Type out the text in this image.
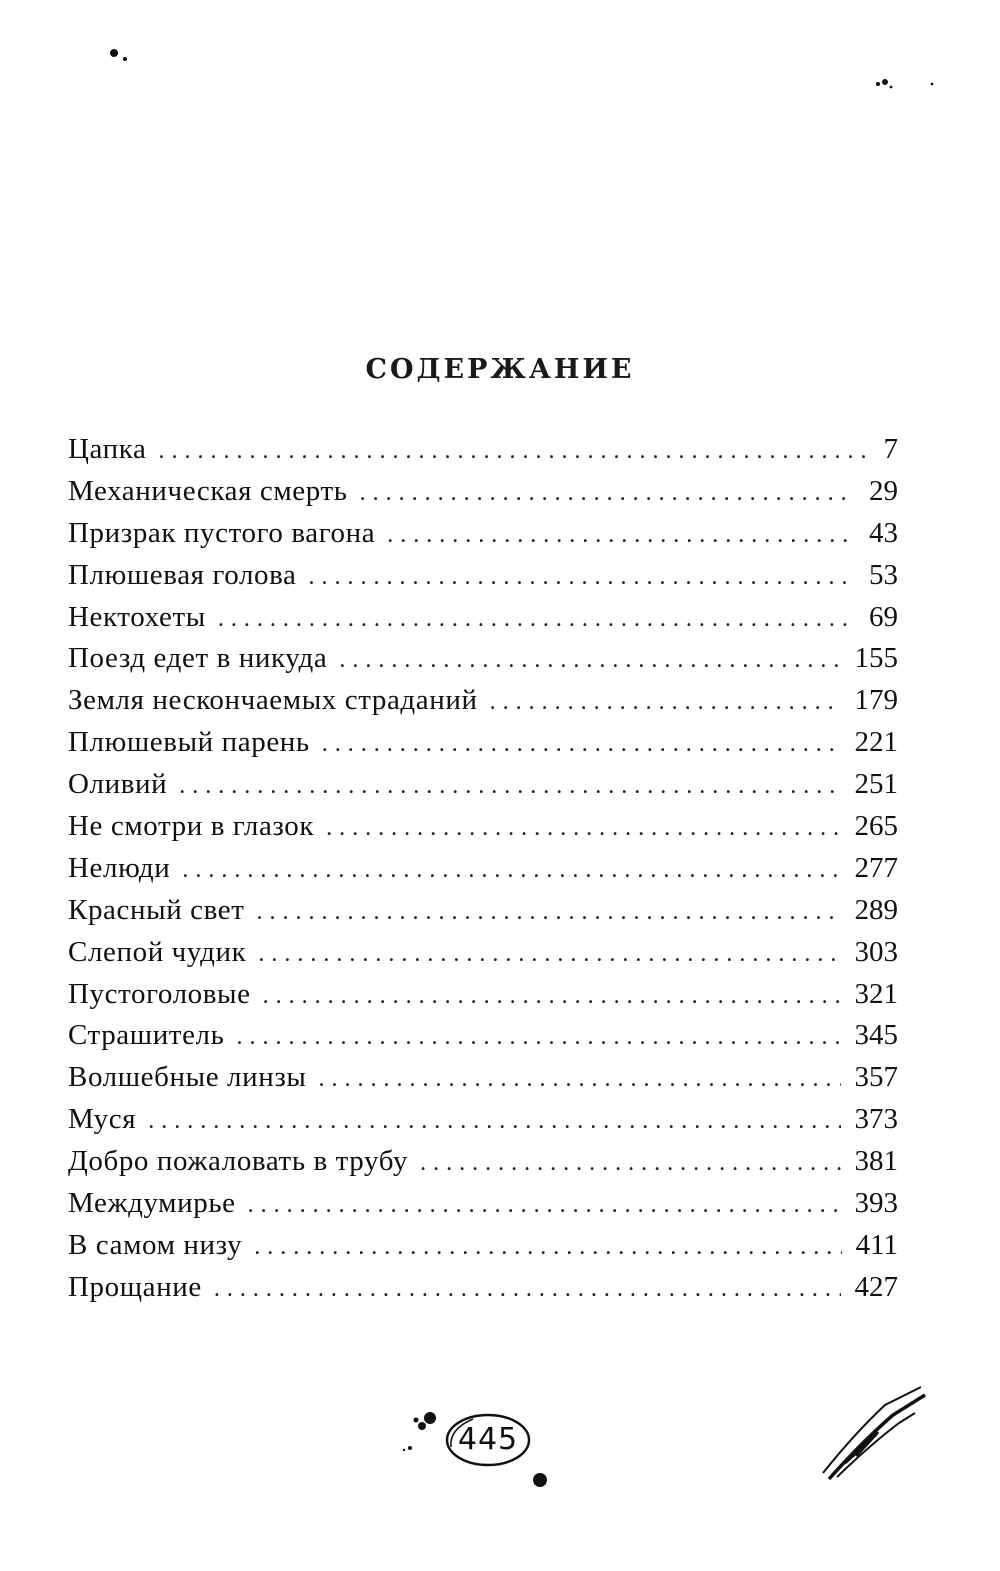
СОДЕРЖАНИЕ
Цапка . . .	7
Механическая смерть . . .	29
Призрак пустого вагона . . .	43
Плюшевая голова . . .	53
Нектохеты . . .	69
Поезд едет в никуда . . .	155
Земля нескончаемых страданий . . .	179
Плюшевый парень . . .	221
Оливий . . .	251
Не смотри в глазок . . .	265
Нелюди . . .	277
Красный свет . . .	289
Слепой чудик . . .	303
Пустоголовые . . .	321
Страшитель . . .	345
Волшебные линзы . . .	357
Муся . . .	373
Добро пожаловать в трубу . . .	381
Междумирье . . .	393
В самом низу . . .	411
Прощание . . .	427
445
